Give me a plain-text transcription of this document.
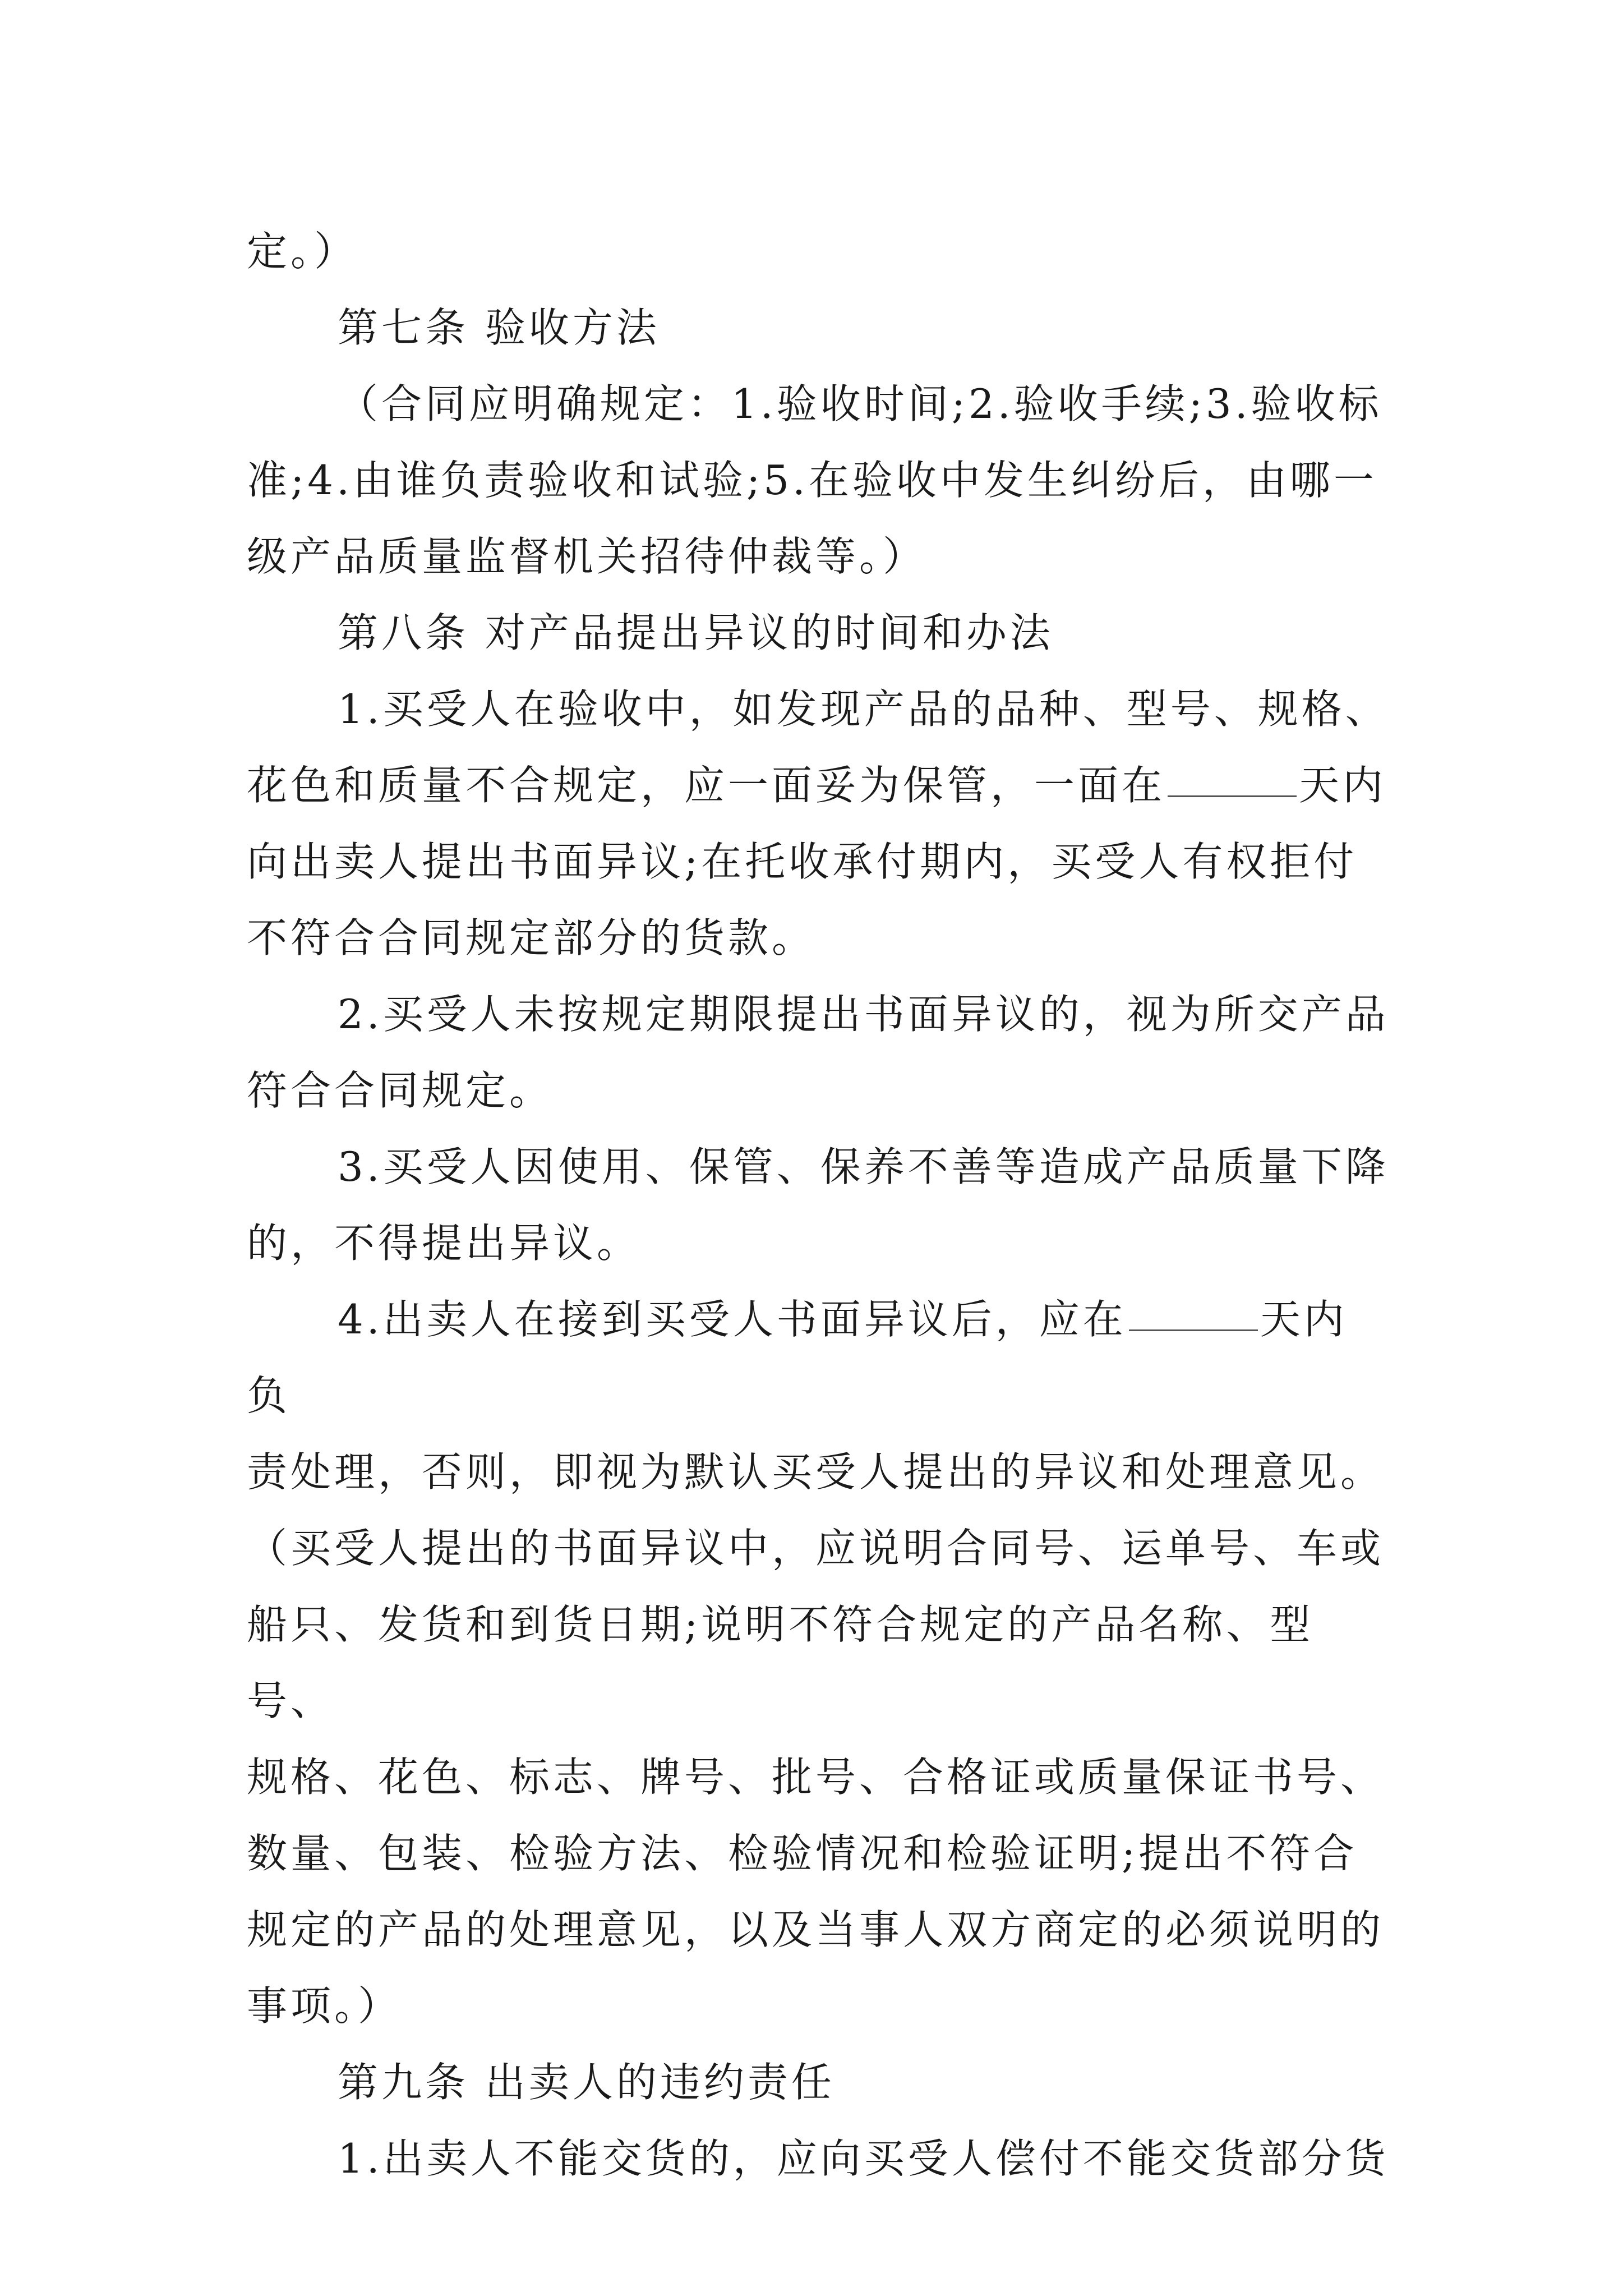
定。）

第七条 验收方法

（合同应明确规定：1.验收时间;2.验收手续;3.验收标

准;4.由谁负责验收和试验;5.在验收中发生纠纷后，由哪一

级产品质量监督机关招待仲裁等。）

第八条 对产品提出异议的时间和办法

1.买受人在验收中，如发现产品的品种、型号、规格、

花色和质量不合规定，应一面妥为保管，一面在	天内

向出卖人提出书面异议;在托收承付期内，买受人有权拒付

不符合合同规定部分的货款。

2.买受人未按规定期限提出书面异议的，视为所交产品

符合合同规定。

3.买受人因使用、保管、保养不善等造成产品质量下降

的，不得提出异议。

4.出卖人在接到买受人书面异议后，应在	天内负

责处理，否则，即视为默认买受人提出的异议和处理意见。

（买受人提出的书面异议中，应说明合同号、运单号、车或

船只、发货和到货日期;说明不符合规定的产品名称、型号、

规格、花色、标志、牌号、批号、合格证或质量保证书号、

数量、包装、检验方法、检验情况和检验证明;提出不符合

规定的产品的处理意见，以及当事人双方商定的必须说明的

事项。）

第九条 出卖人的违约责任

1.出卖人不能交货的，应向买受人偿付不能交货部分货
